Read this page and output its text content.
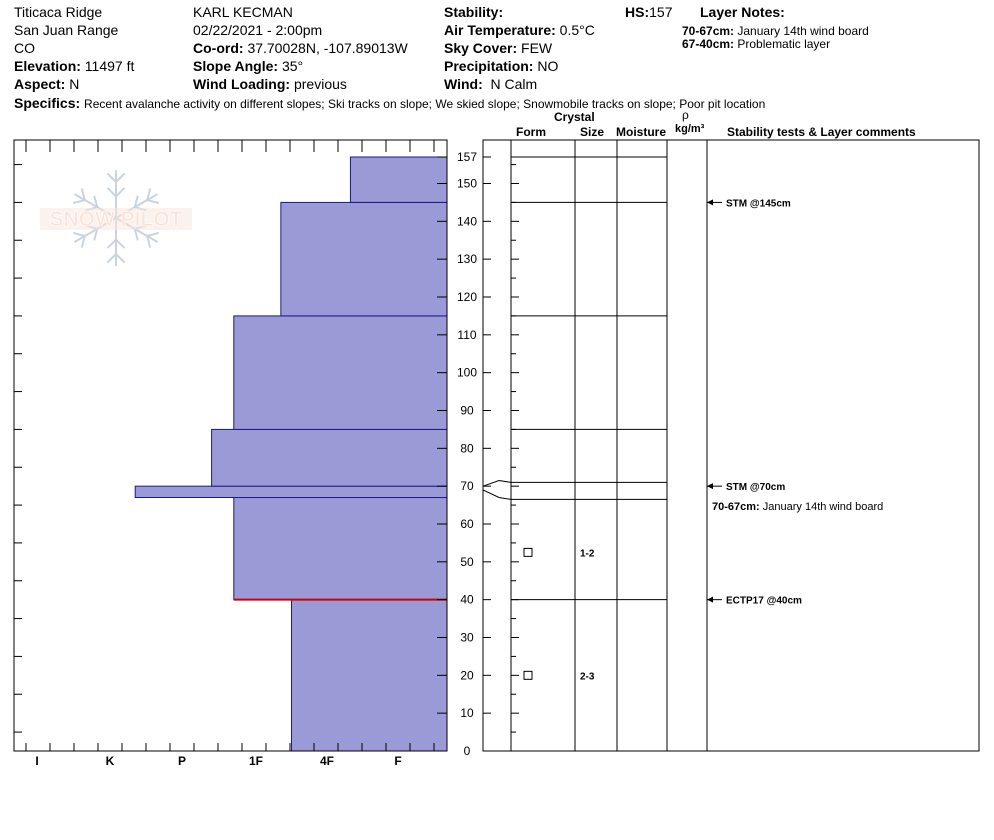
Titicaca Ridge
San Juan Range
CO
Elevation: 11497 ft
Aspect: N
KARL KECMAN
02/22/2021 - 2:00pm
Co-ord: 37.70028N, -107.89013W
Slope Angle: 35°
Wind Loading: previous
Stability:
Air Temperature: 0.5°C
Sky Cover: FEW
Precipitation: NO
Wind: N Calm
HS:157 Layer Notes:
70-67cm: January 14th wind board
67-40cm: Problematic layer
Specifics: Recent avalanche activity on different slopes; Ski tracks on slope; We skied slope; Snowmobile tracks on slope; Poor pit location
Crystal
Form	Size Moisture
ρ
kg/m³ Stability tests & Layer comments
SNOW PILOT
I	K	P	1F	4F	F
0
10
20
30
40
50
60
70
80
90
100
110
120
130
140
150
157
1-2
2-3
STM @145cm
STM @70cm
ECTP17 @40cm
70-67cm: January 14th wind board
